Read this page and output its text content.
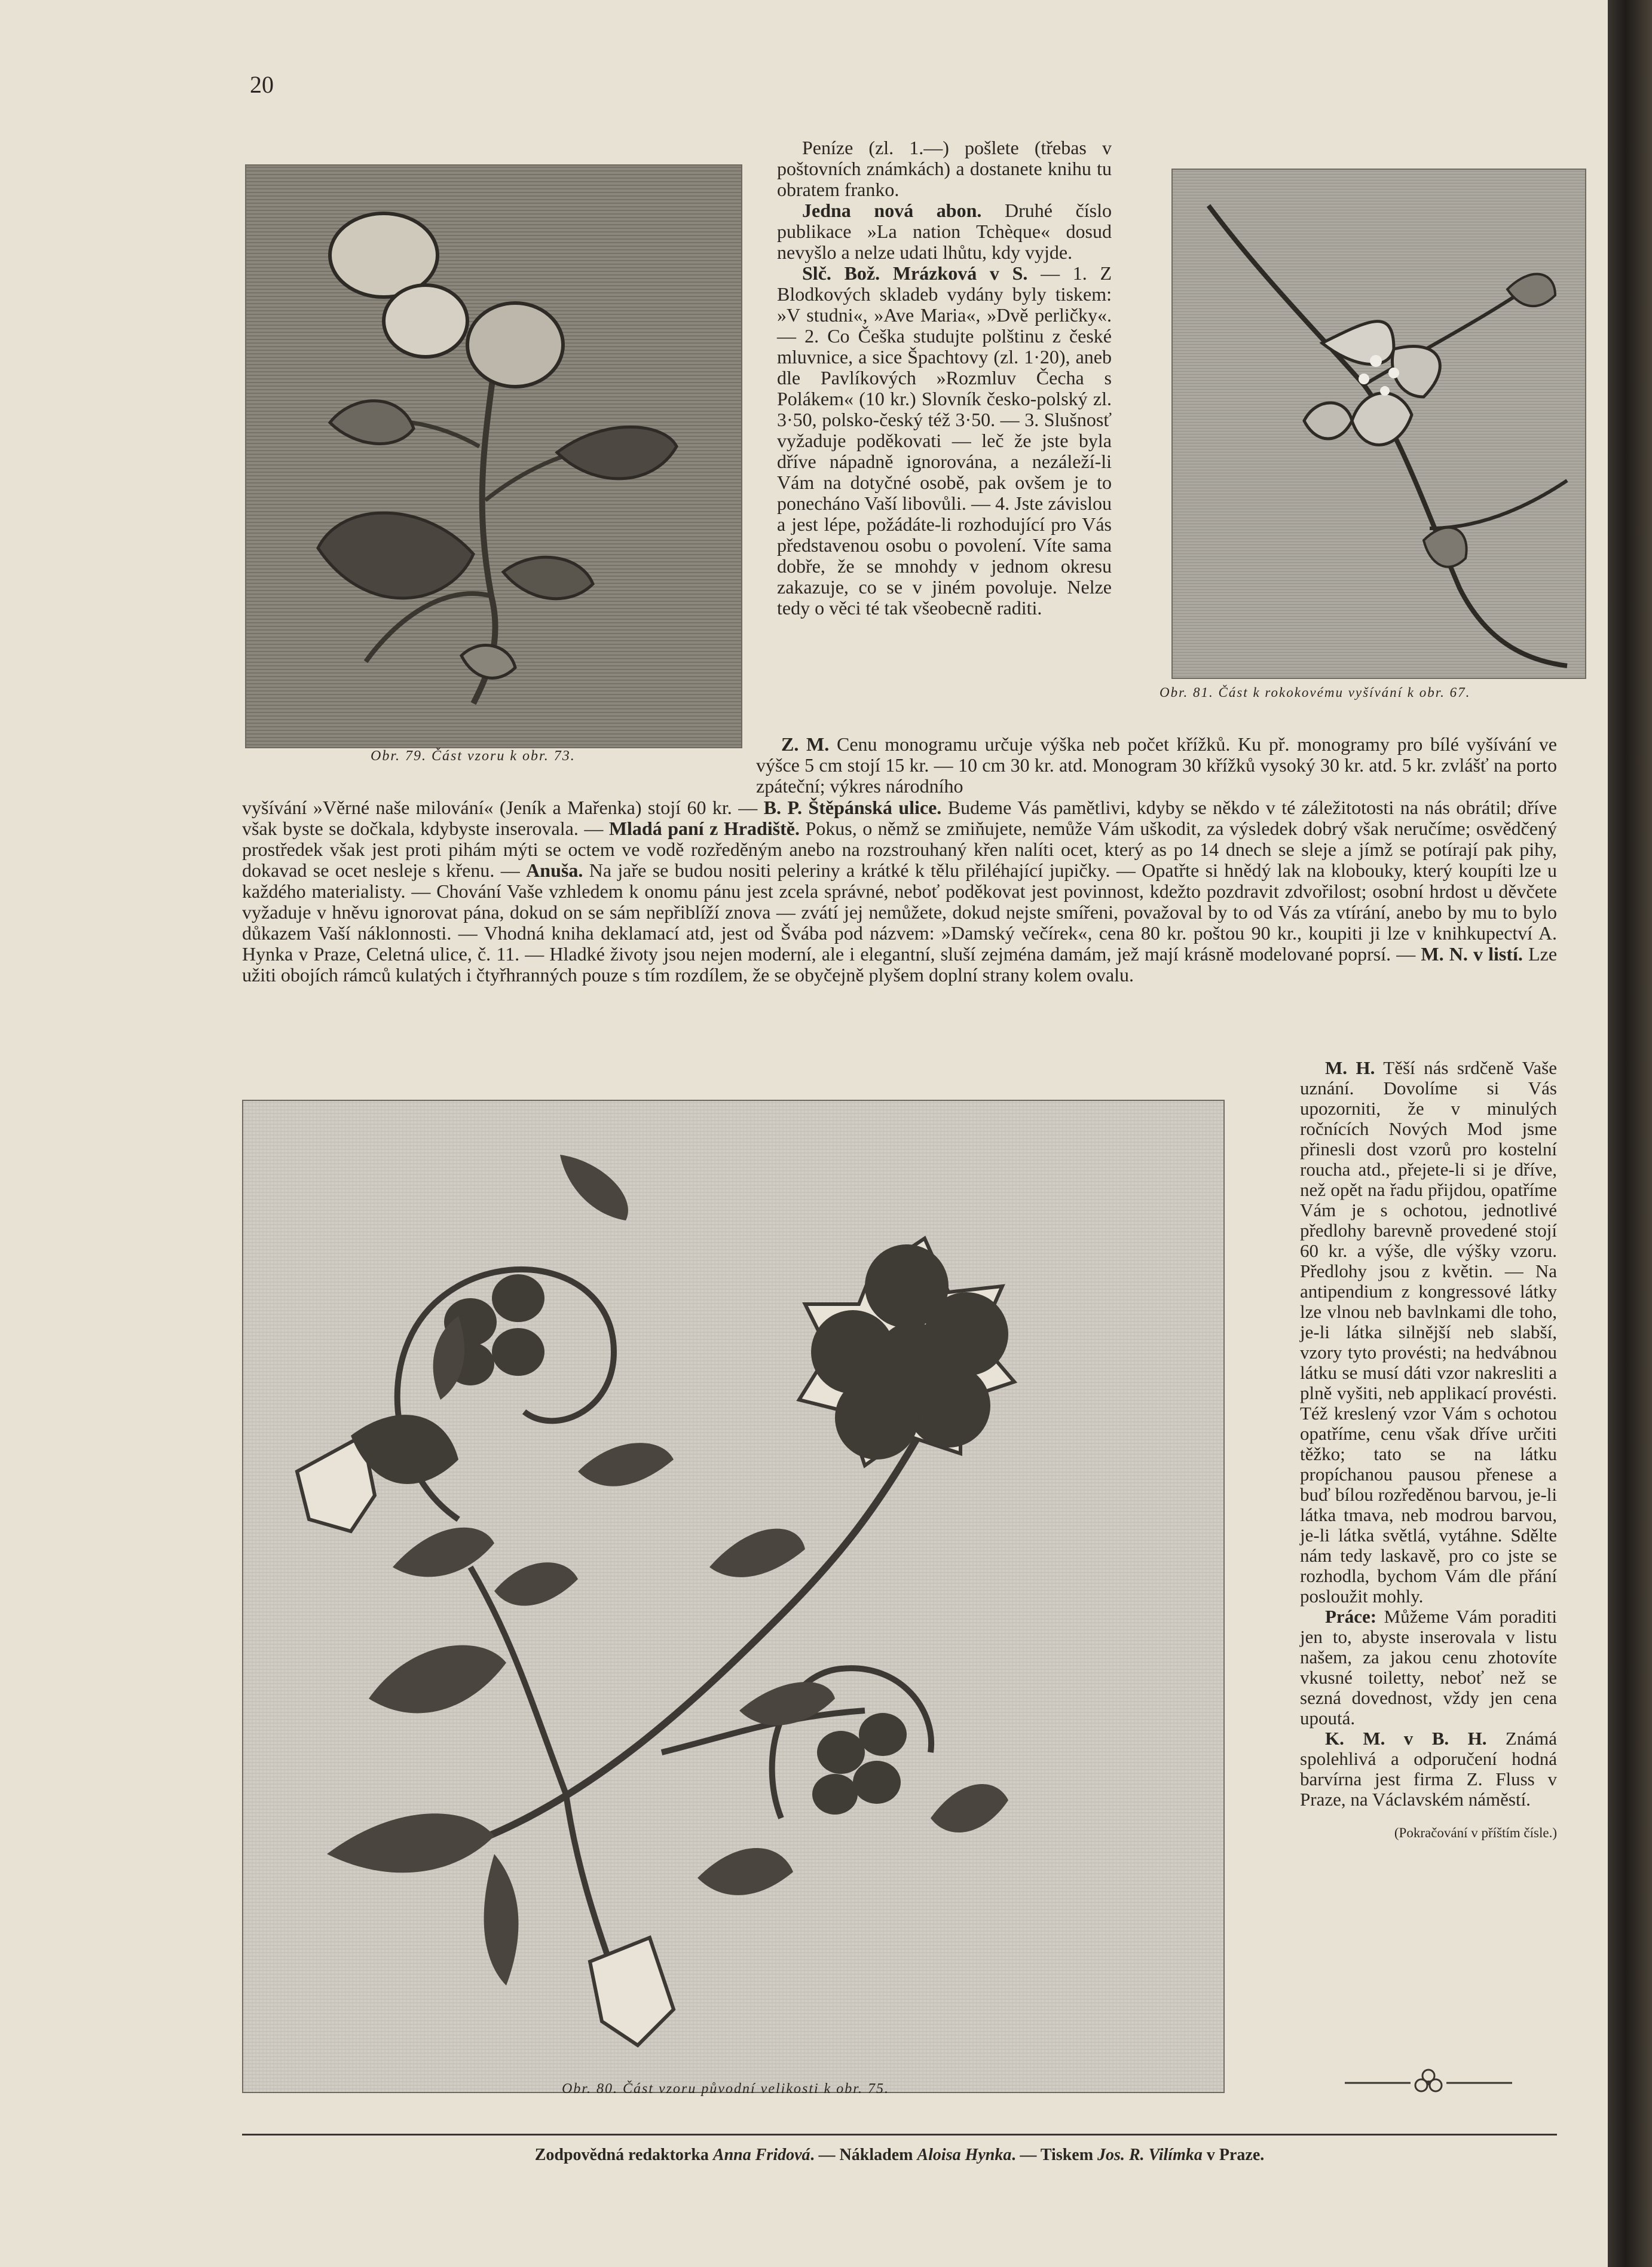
20
Obr. 79. Část vzoru k obr. 73.
Obr. 81. Část k rokokovému vyšívání k obr. 67.
Obr. 80. Část vzoru původní velikosti k obr. 75.

Peníze (zl. 1.—) pošlete (třebas v poštovních známkách) a dostanete knihu tu obratem franko.

Jedna nová abon. Druhé číslo publikace »La nation Tchèque« dosud nevyšlo a nelze udati lhůtu, kdy vyjde.

Slč. Bož. Mrázková v S. — 1. Z Blodkových skladeb vydány byly tiskem: »V studni«, »Ave Maria«, »Dvě perličky«. — 2. Co Češka studujte polštinu z české mluvnice, a sice Špachtovy (zl. 1·20), aneb dle Pavlíkových »Rozmluv Čecha s Polákem« (10 kr.) Slovník česko-polský zl. 3·50, polsko-český též 3·50. — 3. Slušnosť vyžaduje poděkovati — leč že jste byla dříve nápadně ignorována, a nezáleží-li Vám na dotyčné osobě, pak ovšem je to ponecháno Vaší libovůli. — 4. Jste závislou a jest lépe, požádáte-li rozhodující pro Vás představenou osobu o povolení. Víte sama dobře, že se mnohdy v jednom okresu zakazuje, co se v jiném povoluje. Nelze tedy o věci té tak všeobecně raditi.

Z. M. Cenu monogramu určuje výška neb počet křížků. Ku př. monogramy pro bílé vyšívání ve výšce 5 cm stojí 15 kr. — 10 cm 30 kr. atd. Monogram 30 křížků vysoký 30 kr. atd. 5 kr. zvlášť na porto zpáteční; výkres národního

vyšívání »Věrné naše milování« (Jeník a Mařenka) stojí 60 kr. — B. P. Štěpánská ulice. Budeme Vás pamětlivi, kdyby se někdo v té záležitotosti na nás obrátil; dříve však byste se dočkala, kdybyste inserovala. — Mladá paní z Hradiště. Pokus, o němž se zmiňujete, nemůže Vám uškodit, za výsledek dobrý však neručíme; osvědčený prostředek však jest proti pihám mýti se octem ve vodě rozředěným anebo na rozstrouhaný křen nalíti ocet, který as po 14 dnech se sleje a jímž se potírají pak pihy, dokavad se ocet nesleje s křenu. — Anuša. Na jaře se budou nositi peleriny a krátké k tělu přiléhající jupičky. — Opatřte si hnědý lak na klobouky, který koupíti lze u každého materialisty. — Chování Vaše vzhledem k onomu pánu jest zcela správné, neboť poděkovat jest povinnost, kdežto pozdravit zdvořilost; osobní hrdost u děvčete vyžaduje v hněvu ignorovat pána, dokud on se sám nepřiblíží znova — zvátí jej nemůžete, dokud nejste smířeni, považoval by to od Vás za vtírání, anebo by mu to bylo důkazem Vaší náklonnosti. — Vhodná kniha deklamací atd, jest od Švába pod názvem: »Damský večírek«, cena 80 kr. poštou 90 kr., koupiti ji lze v knihkupectví A. Hynka v Praze, Celetná ulice, č. 11. — Hladké životy jsou nejen moderní, ale i elegantní, sluší zejména damám, jež mají krásně modelované poprsí. — M. N. v listí. Lze užiti obojích rámců kulatých i čtyřhranných pouze s tím rozdílem, že se obyčejně plyšem doplní strany kolem ovalu.

M. H. Těší nás srdčeně Vaše uznání. Dovolíme si Vás upozorniti, že v minulých ročnících Nových Mod jsme přinesli dost vzorů pro kostelní roucha atd., přejete-li si je dříve, než opět na řadu přijdou, opatříme Vám je s ochotou, jednotlivé předlohy barevně provedené stojí 60 kr. a výše, dle výšky vzoru. Předlohy jsou z květin. — Na antipendium z kongressové látky lze vlnou neb bavlnkami dle toho, je-li látka silnější neb slabší, vzory tyto provésti; na hedvábnou látku se musí dáti vzor nakresliti a plně vyšiti, neb applikací provésti. Též kreslený vzor Vám s ochotou opatříme, cenu však dříve určiti těžko; tato se na látku propíchanou pausou přenese a buď bílou rozředěnou barvou, je-li látka tmava, neb modrou barvou, je-li látka světlá, vytáhne. Sdělte nám tedy laskavě, pro co jste se rozhodla, bychom Vám dle přání posloužit mohly.

Práce: Můžeme Vám poraditi jen to, abyste inserovala v listu našem, za jakou cenu zhotovíte vkusné toiletty, neboť než se sezná dovednost, vždy jen cena upoutá.

K. M. v B. H. Známá spolehlivá a odporučení hodná barvírna jest firma Z. Fluss v Praze, na Václavském náměstí.

(Pokračování v příštím čísle.)

Zodpovědná redaktorka Anna Fridová. — Nákladem Aloisa Hynka. — Tiskem Jos. R. Vilímka v Praze.
